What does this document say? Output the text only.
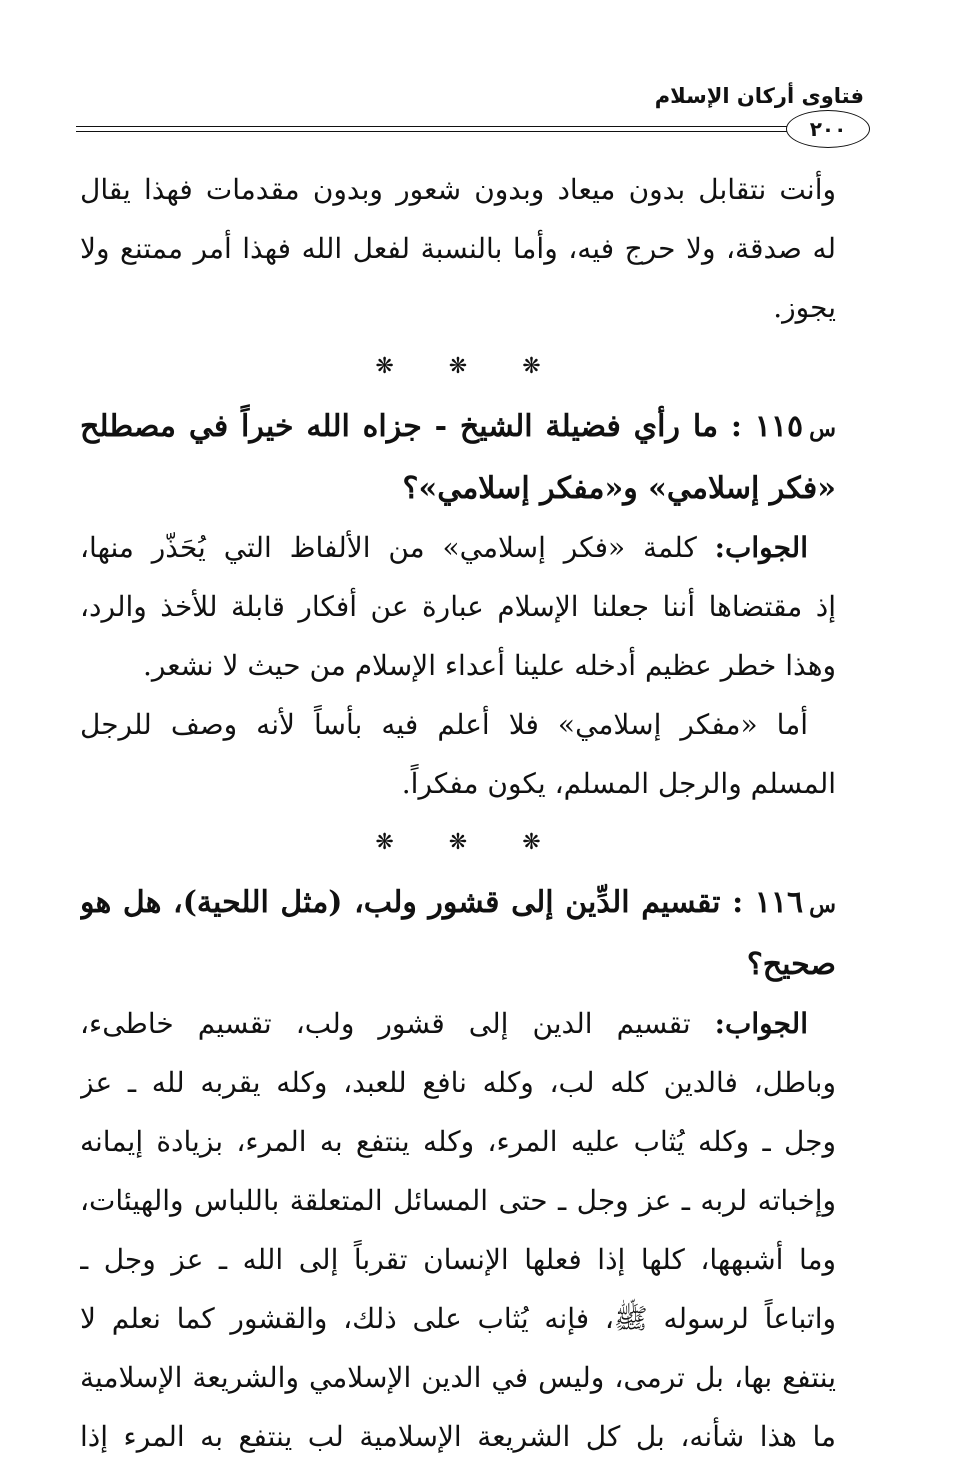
فتاوى أركان الإسلام
٢٠٠
وأنت نتقابل بدون ميعاد وبدون شعور وبدون مقدمات فهذا يقال
له صدقة، ولا حرج فيه، وأما بالنسبة لفعل الله فهذا أمر ممتنع ولا
يجوز.
❋ ❋ ❋
س١١٥ : ما رأي فضيلة الشيخ - جزاه الله خيراً في مصطلح
«فكر إسلامي» و«مفكر إسلامي»؟
 الجواب: كلمة «فكر إسلامي» من الألفاظ التي يُحَذّر منها،
إذ مقتضاها أننا جعلنا الإسلام عبارة عن أفكار قابلة للأخذ والرد،
وهذا خطر عظيم أدخله علينا أعداء الإسلام من حيث لا نشعر.
 أما «مفكر إسلامي» فلا أعلم فيه بأساً لأنه وصف للرجل
المسلم والرجل المسلم، يكون مفكراً.
❋ ❋ ❋
س١١٦ : تقسيم الدِّين إلى قشور ولب، (مثل اللحية)، هل هو
صحيح؟
 الجواب: تقسيم الدين إلى قشور ولب، تقسيم خاطىء،
وباطل، فالدين كله لب، وكله نافع للعبد، وكله يقربه لله ـ عز
وجل ـ وكله يُثاب عليه المرء، وكله ينتفع به المرء، بزيادة إيمانه
وإخباته لربه ـ عز وجل ـ حتى المسائل المتعلقة باللباس والهيئات،
وما أشبهها، كلها إذا فعلها الإنسان تقرباً إلى الله ـ عز وجل ـ
واتباعاً لرسوله ﷺ، فإنه يُثاب على ذلك، والقشور كما نعلم لا
ينتفع بها، بل ترمى، وليس في الدين الإسلامي والشريعة الإسلامية
ما هذا شأنه، بل كل الشريعة الإسلامية لب ينتفع به المرء إذا
